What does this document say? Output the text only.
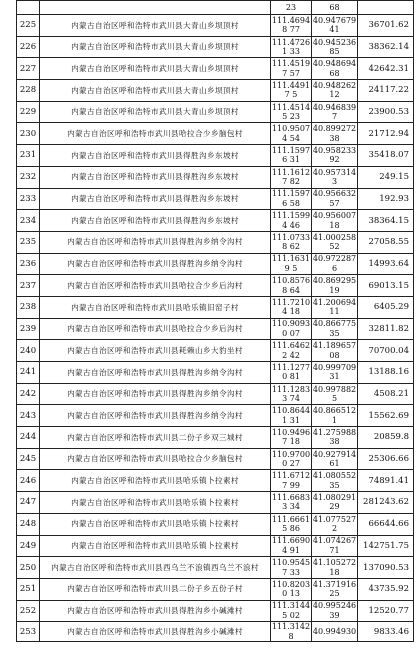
		23	68	
225	内蒙古自治区呼和浩特市武川县大青山乡坝顶村	111.46948 77	40.947679 41	36701.62
226	内蒙古自治区呼和浩特市武川县大青山乡坝顶村	111.47261 33	40.945236 85	38362.14
227	内蒙古自治区呼和浩特市武川县大青山乡坝顶村	111.45197 57	40.948694 68	42642.31
228	内蒙古自治区呼和浩特市武川县大青山乡坝顶村	111.44917 5	40.948262 12	24117.22
229	内蒙古自治区呼和浩特市武川县大青山乡坝顶村	111.45145 23	40.946839 7	23900.53
230	内蒙古自治区呼和浩特市武川县哈拉合少乡脑包村	110.95074 54	40.899272 38	21712.94
231	内蒙古自治区呼和浩特市武川县得胜沟乡东坡村	111.15976 31	40.958233 92	35418.07
232	内蒙古自治区呼和浩特市武川县得胜沟乡东坡村	111.16127 82	40.957314 3	249.15
233	内蒙古自治区呼和浩特市武川县得胜沟乡东坡村	111.15976 58	40.956632 57	192.93
234	内蒙古自治区呼和浩特市武川县得胜沟乡东坡村	111.15994 46	40.956007 18	38364.15
235	内蒙古自治区呼和浩特市武川县得胜沟乡纳令沟村	111.07338 62	41.000258 52	27058.55
236	内蒙古自治区呼和浩特市武川县得胜沟乡纳令沟村	111.16319 5	40.972287 6	14993.64
237	内蒙古自治区呼和浩特市武川县哈拉合少乡后沟村	110.85768 64	40.869295 19	69013.15
238	内蒙古自治区呼和浩特市武川县哈乐镇旧窑子村	111.72104 18	41.200694 11	6405.29
239	内蒙古自治区呼和浩特市武川县哈拉合少乡后沟村	110.90930 07	40.866775 35	32811.82
240	内蒙古自治区呼和浩特市武川县耗赖山乡大豹坐村	111.64622 42	41.189657 08	70700.04
241	内蒙古自治区呼和浩特市武川县得胜沟乡纳令沟村	111.12770 81	40.999709 31	13188.16
242	内蒙古自治区呼和浩特市武川县得胜沟乡纳令沟村	111.12833 74	40.997882 5	4508.21
243	内蒙古自治区呼和浩特市武川县得胜沟乡纳令沟村	110.86441 31	40.866512 1	15562.69
244	内蒙古自治区呼和浩特市武川县二份子乡双三城村	110.94967 18	41.275988 38	20859.8
245	内蒙古自治区呼和浩特市武川县哈拉合少乡脑包村	110.97000 27	40.927914 61	25306.66
246	内蒙古自治区呼和浩特市武川县哈乐镇卜拉素村	111.67127 99	41.080552 35	74891.41
247	内蒙古自治区呼和浩特市武川县哈乐镇卜拉素村	111.66833 34	41.080291 29	281243.62
248	内蒙古自治区呼和浩特市武川县哈乐镇卜拉素村	111.66615 86	41.077527 2	66644.66
249	内蒙古自治区呼和浩特市武川县哈乐镇卜拉素村	111.66904 91	41.074267 71	142751.75
250	内蒙古自治区呼和浩特市武川县西乌兰不浪镇西乌兰不浪村	110.95457 33	41.105272 18	137090.53
251	内蒙古自治区呼和浩特市武川县二份子乡五份子村	110.82030 13	41.371916 25	43735.92
252	内蒙古自治区呼和浩特市武川县得胜沟乡小碱滩村	111.31445 02	40.995246 39	12520.77
253	内蒙古自治区呼和浩特市武川县得胜沟乡小碱滩村	111.31428	40.994930	9833.46
